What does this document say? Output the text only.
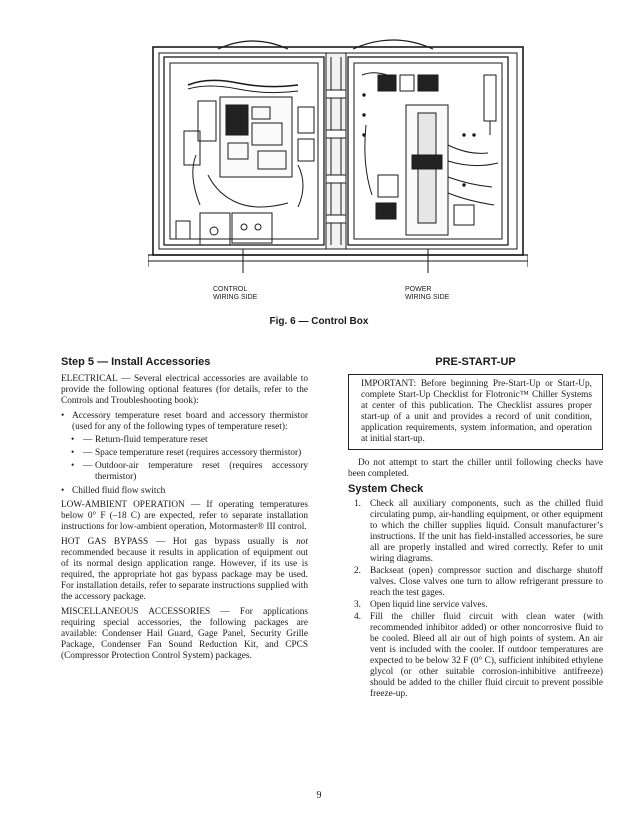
CONTROL
WIRING SIDE
POWER
WIRING SIDE
Fig. 6 — Control Box
Step 5 — Install Accessories

ELECTRICAL — Several electrical accessories are available to provide the following optional features (for details, refer to the Controls and Troubleshooting book):

• Accessory temperature reset board and accessory thermistor (used for any of the following types of temperature reset):
• — Return-fluid temperature reset
• — Space temperature reset (requires accessory thermistor)
• — Outdoor-air temperature reset (requires accessory thermistor)
• Chilled fluid flow switch

LOW-AMBIENT OPERATION — If operating temperatures below 0° F (–18 C) are expected, refer to separate installation instructions for low-ambient operation, Motormaster® III control.

HOT GAS BYPASS — Hot gas bypass usually is not recommended because it results in application of equipment out of its normal design application range. However, if its use is required, the appropriate hot gas bypass package may be used. For installation details, refer to separate instructions supplied with the accessory package.

MISCELLANEOUS ACCESSORIES — For applications requiring special accessories, the following packages are available: Condenser Hail Guard, Gage Panel, Security Grille Package, Condenser Fan Sound Reduction Kit, and CPCS (Compressor Protection Control System) packages.

PRE-START-UP
IMPORTANT: Before beginning Pre-Start-Up or Start-Up, complete Start-Up Checklist for Flotronic™ Chiller Systems at center of this publication. The Checklist assures proper start-up of a unit and provides a record of unit condition, application requirements, system information, and operation at initial start-up.

Do not attempt to start the chiller until following checks have been completed.

System Check
1. Check all auxiliary components, such as the chilled fluid circulating pump, air-handling equipment, or other equipment to which the chiller supplies liquid. Consult manufacturer’s instructions. If the unit has field-installed accessories, be sure all are properly installed and wired correctly. Refer to unit wiring diagrams.
2. Backseat (open) compressor suction and discharge shutoff valves. Close valves one turn to allow refrigerant pressure to reach the test gages.
3. Open liquid line service valves.
4. Fill the chiller fluid circuit with clean water (with recommended inhibitor added) or other noncorrosive fluid to be cooled. Bleed all air out of high points of system. An air vent is included with the cooler. If outdoor temperatures are expected to be below 32 F (0° C), sufficient inhibited ethylene glycol (or other suitable corrosion-inhibitive antifreeze) should be added to the chiller fluid circuit to prevent possible freeze-up.
9
